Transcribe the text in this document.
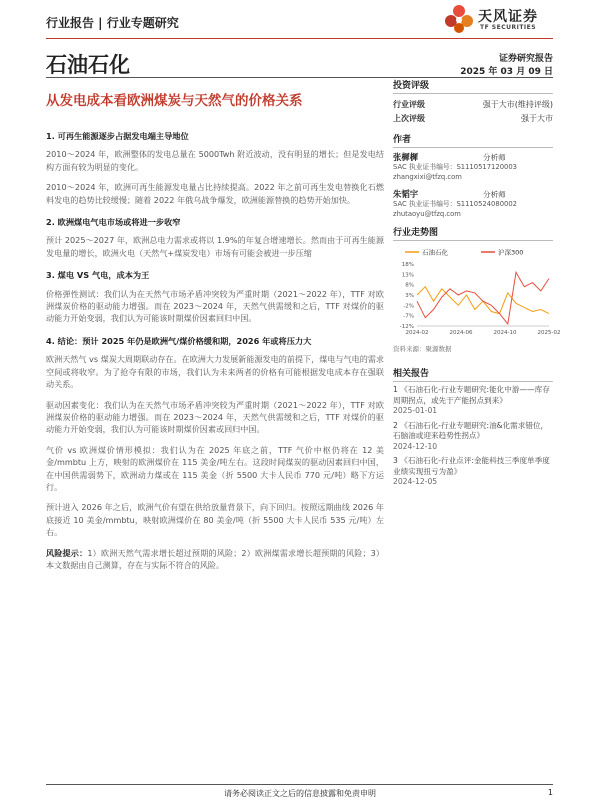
行业报告 | 行业专题研究	天风证券
TF SECURITIES
石油石化	证券研究报告
2025 年 03 月 09 日
从发电成本看欧洲煤炭与天然气的价格关系
1. 可再生能源逐步占据发电端主导地位
2010～2024 年，欧洲整体的发电总量在 5000Twh 附近波动，没有明显的增长；但是发电结构方面有较为明显的变化。
2010～2024 年，欧洲可再生能源发电量占比持续提高。2022 年之前可再生发电替换化石燃料发电的趋势比较缓慢；随着 2022 年俄乌战争爆发，欧洲能源替换的趋势开始加快。
2. 欧洲煤电气电市场或将进一步收窄
预计 2025～2027 年，欧洲总电力需求或将以 1.9%的年复合增速增长。然而由于可再生能源发电量的增长，欧洲火电（天然气+煤炭发电）市场有可能会被进一步压缩
3. 煤电 VS 气电，成本为王
价格弹性测试：我们认为在天然气市场矛盾冲突较为严重时期（2021～2022 年），TTF 对欧洲煤炭价格的驱动能力增强。而在 2023～2024 年，天然气供需缓和之后，TTF 对煤价的驱动能力开始变弱，我们认为可能该时期煤价因素回归中国。
4. 结论：预计 2025 年仍是欧洲气/煤价格缓和期，2026 年或将压力大
欧洲天然气 vs 煤炭大周期联动存在。在欧洲大力发展新能源发电的前提下，煤电与气电的需求空间或将收窄。为了抢夺有限的市场，我们认为未来两者的价格有可能根据发电成本存在强联动关系。
驱动因素变化：我们认为在天然气市场矛盾冲突较为严重时期（2021～2022 年），TTF 对欧洲煤炭价格的驱动能力增强。而在 2023～2024 年，天然气供需缓和之后，TTF 对煤价的驱动能力开始变弱，我们认为可能该时期煤价因素或回归中国。
气价 vs 欧洲煤价情形模拟：我们认为在 2025 年底之前，TTF 气价中枢仍将在 12 美金/mmbtu 上方，映射的欧洲煤价在 115 美金/吨左右。这段时间煤炭的驱动因素回归中国，在中国供需弱势下，欧洲动力煤或在 115 美金（折 5500 大卡人民币 770 元/吨）略下方运行。
预计进入 2026 年之后，欧洲气价有望在供给放量背景下，向下回归。按照远期曲线 2026 年底接近 10 美金/mmbtu，映射欧洲煤价在 80 美金/吨（折 5500 大卡人民币 535 元/吨）左右。
风险提示：1）欧洲天然气需求增长超过预期的风险；2）欧洲煤需求增长超预期的风险；3）本文数据由自己测算，存在与实际不符合的风险。
投资评级
行业评级	强于大市(维持评级)
上次评级	强于大市
作者
张樨樨	分析师
SAC 执业证书编号：S1110517120003
zhangxixi@tfzq.com
朱韬宇	分析师
SAC 执业证书编号：S1110524080002
zhutaoyu@tfzq.com
行业走势图
石油石化	沪深300
18%
13%
8%
3%
-2%
-7%
-12%
2024-02	2024-06	2024-10	2025-02
资料来源：聚源数据
相关报告
1 《石油石化-行业专题研究:能化中游——库存周期拐点，或先于产能拐点到来》
2025-01-01
2 《石油石化-行业专题研究:油&化需求错位，石脑油或迎来趋势性拐点》
2024-12-10
3 《石油石化-行业点评:金能科技三季度单季度业绩实现扭亏为盈》
2024-12-05
请务必阅读正文之后的信息披露和免责申明	1
